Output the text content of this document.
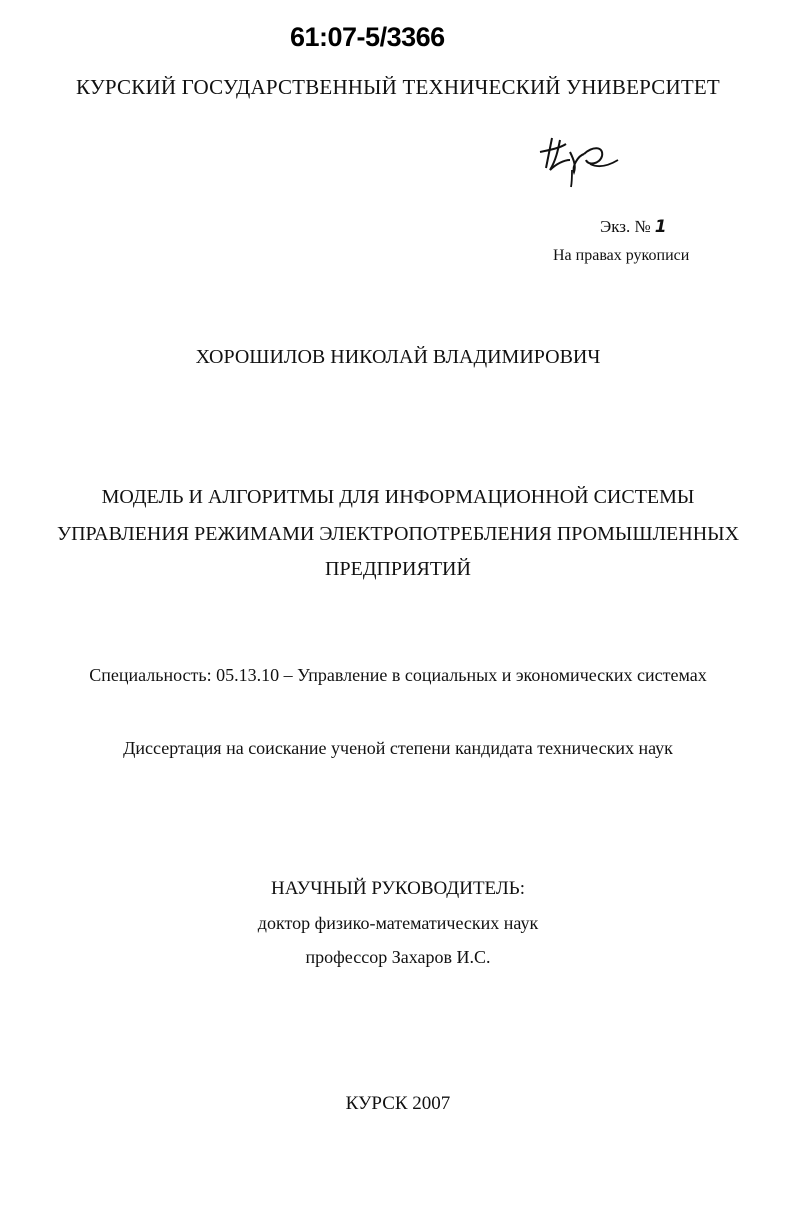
61:07-5/3366
КУРСКИЙ ГОСУДАРСТВЕННЫЙ ТЕХНИЧЕСКИЙ УНИВЕРСИТЕТ
Экз. № 1
На правах рукописи
ХОРОШИЛОВ НИКОЛАЙ ВЛАДИМИРОВИЧ
МОДЕЛЬ И АЛГОРИТМЫ ДЛЯ ИНФОРМАЦИОННОЙ СИСТЕМЫ
УПРАВЛЕНИЯ РЕЖИМАМИ ЭЛЕКТРОПОТРЕБЛЕНИЯ ПРОМЫШЛЕННЫХ
ПРЕДПРИЯТИЙ
Специальность: 05.13.10 – Управление в социальных и экономических системах
Диссертация на соискание ученой степени кандидата технических наук
НАУЧНЫЙ РУКОВОДИТЕЛЬ:
доктор физико-математических наук
профессор Захаров И.С.
КУРСК 2007
